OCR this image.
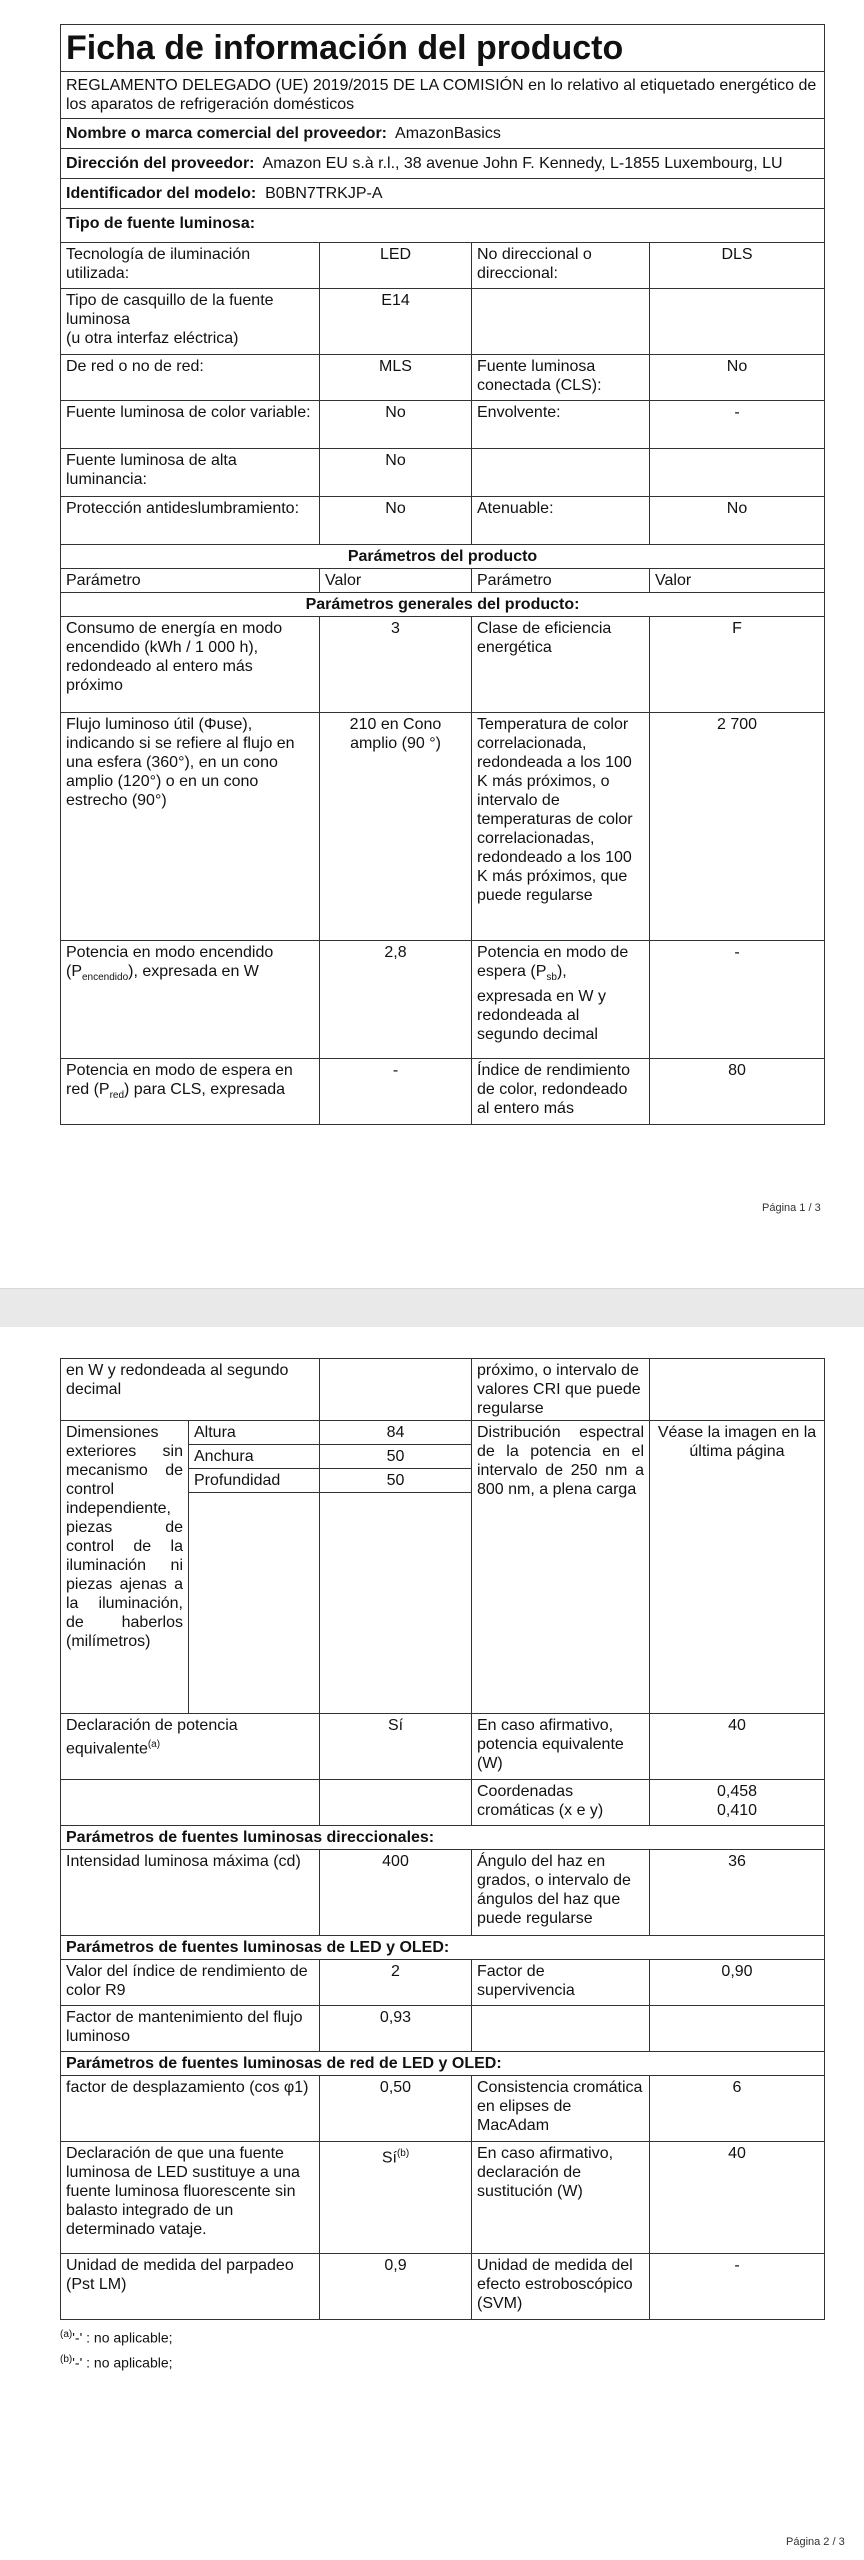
Ficha de información del producto			
REGLAMENTO DELEGADO (UE) 2019/2015 DE LA COMISIÓN en lo relativo al etiquetado energético de los aparatos de refrigeración domésticos			
Nombre o marca comercial del proveedor: AmazonBasics			
Dirección del proveedor: Amazon EU s.à r.l., 38 avenue John F. Kennedy, L-1855 Luxembourg, LU			
Identificador del modelo: B0BN7TRKJP-A			
Tipo de fuente luminosa:			
Tecnología de iluminación utilizada:	LED	No direccional o direccional:	DLS
Tipo de casquillo de la fuente luminosa
(u otra interfaz eléctrica)	E14		
De red o no de red:	MLS	Fuente luminosa conectada (CLS):	No
Fuente luminosa de color variable:	No	Envolvente:	-
Fuente luminosa de alta luminancia:	No		
Protección antideslumbramiento:	No	Atenuable:	No
Parámetros del producto			
Parámetro	Valor	Parámetro	Valor
Parámetros generales del producto:			
Consumo de energía en modo encendido (kWh / 1 000 h), redondeado al entero más próximo	3	Clase de eficiencia energética	F
Flujo luminoso útil (Φuse), indicando si se refiere al flujo en una esfera (360°), en un cono amplio (120°) o en un cono estrecho (90°)	210 en Cono amplio (90 °)	Temperatura de color correlacionada, redondeada a los 100 K más próximos, o intervalo de temperaturas de color correlacionadas, redondeado a los 100 K más próximos, que puede regularse	2 700
Potencia en modo encendido $(P_{encendido})$, expresada en W	2,8	Potencia en modo de espera $(P_{sb})$, expresada en W y redondeada al segundo decimal	-
Potencia en modo de espera en red $(P_{red})$ para CLS, expresada	-	Índice de rendimiento de color, redondeado al entero más	80
Página 1 / 3
en W y redondeada al segundo decimal			próximo, o intervalo de valores CRI que puede regularse	
Dimensiones exteriores sin mecanismo de control independiente, piezas de control de la iluminación ni piezas ajenas a la iluminación, de haberlos (milímetros)	Altura	84	Distribución espectral de la potencia en el intervalo de 250 nm a 800 nm, a plena carga	Véase la imagen en la última página
	Anchura	50		
	Profundidad	50		

Declaración de potencia equivalente$^{(a)}$		Sí	En caso afirmativo, potencia equivalente (W)	40
			Coordenadas cromáticas (x e y)	0,458
0,410
Parámetros de fuentes luminosas direccionales:				
Intensidad luminosa máxima (cd)		400	Ángulo del haz en grados, o intervalo de ángulos del haz que puede regularse	36
Parámetros de fuentes luminosas de LED y OLED:				
Valor del índice de rendimiento de color R9		2	Factor de supervivencia	0,90
Factor de mantenimiento del flujo luminoso		0,93		
Parámetros de fuentes luminosas de red de LED y OLED:				
factor de desplazamiento (cos φ1)		0,50	Consistencia cromática en elipses de MacAdam	6
Declaración de que una fuente luminosa de LED sustituye a una fuente luminosa fluorescente sin balasto integrado de un determinado vataje.		$Sí^{(b)}$	En caso afirmativo, declaración de sustitución (W)	40
Unidad de medida del parpadeo (Pst LM)		0,9	Unidad de medida del efecto estroboscópico (SVM)	-
$^{(a)}$'-' : no aplicable;
$^{(b)}$'-' : no aplicable;
Página 2 / 3
